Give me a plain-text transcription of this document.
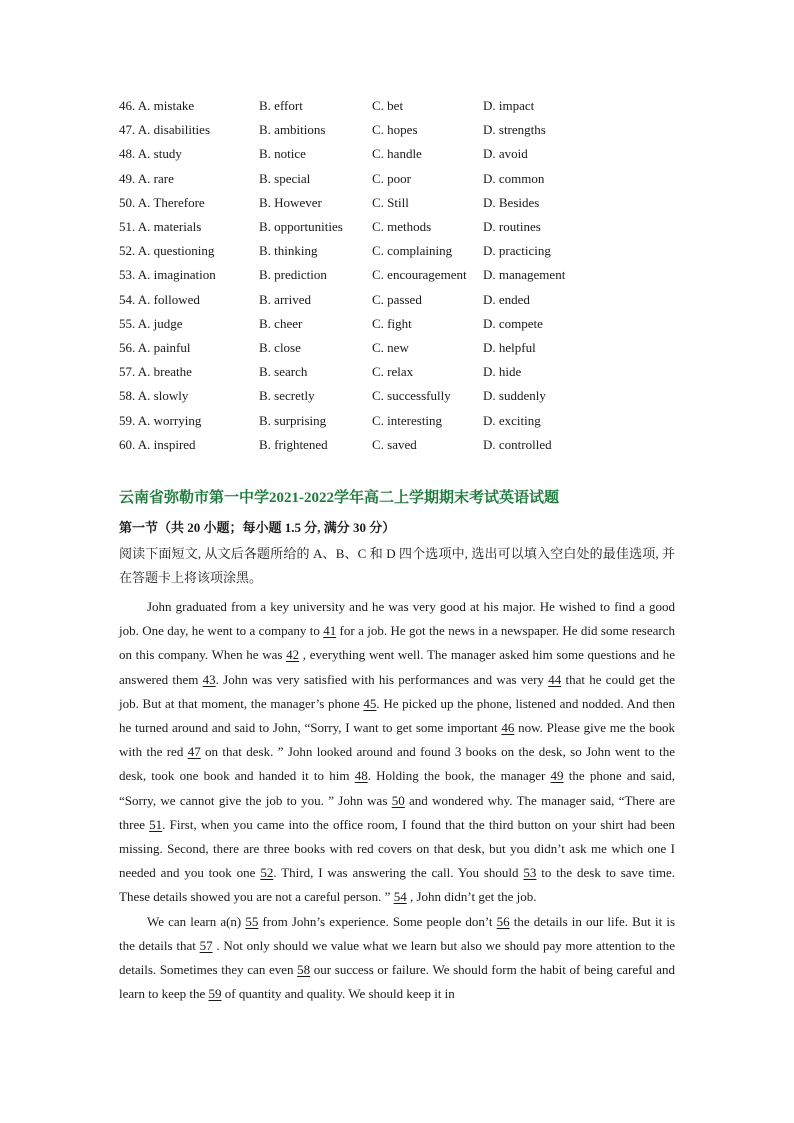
46. A. mistake	B. effort	C. bet	D. impact
47. A. disabilities	B. ambitions	C. hopes	D. strengths
48. A. study	B. notice	C. handle	D. avoid
49. A. rare	B. special	C. poor	D. common
50. A. Therefore	B. However	C. Still	D. Besides
51. A. materials	B. opportunities	C. methods	D. routines
52. A. questioning	B. thinking	C. complaining	D. practicing
53. A. imagination	B. prediction	C. encouragement	D. management
54. A. followed	B. arrived	C. passed	D. ended
55. A. judge	B. cheer	C. fight	D. compete
56. A. painful	B. close	C. new	D. helpful
57. A. breathe	B. search	C. relax	D. hide
58. A. slowly	B. secretly	C. successfully	D. suddenly
59. A. worrying	B. surprising	C. interesting	D. exciting
60. A. inspired	B. frightened	C. saved	D. controlled
云南省弥勒市第一中学2021-2022学年高二上学期期末考试英语试题
第一节（共 20 小题；每小题 1.5 分, 满分 30 分）
阅读下面短文, 从文后各题所给的 A、B、C 和 D 四个选项中, 选出可以填入空白处的最佳选项, 并在答题卡上将该项涂黑。

John graduated from a key university and he was very good at his major. He wished to find a good job. One day, he went to a company to 41 for a job. He got the news in a newspaper. He did some research on this company. When he was 42 , everything went well. The manager asked him some questions and he answered them 43. John was very satisfied with his performances and was very 44 that he could get the job. But at that moment, the manager’s phone 45. He picked up the phone, listened and nodded. And then he turned around and said to John, “Sorry, I want to get some important 46 now. Please give me the book with the red 47 on that desk. ” John looked around and found 3 books on the desk, so John went to the desk, took one book and handed it to him 48. Holding the book, the manager 49 the phone and said, “Sorry, we cannot give the job to you. ” John was 50 and wondered why. The manager said, “There are three 51. First, when you came into the office room, I found that the third button on your shirt had been missing. Second, there are three books with red covers on that desk, but you didn’t ask me which one I needed and you took one 52. Third, I was answering the call. You should 53 to the desk to save time. These details showed you are not a careful person. ” 54 , John didn’t get the job.

We can learn a(n) 55 from John’s experience. Some people don’t 56 the details in our life. But it is the details that 57 . Not only should we value what we learn but also we should pay more attention to the details. Sometimes they can even 58 our success or failure. We should form the habit of being careful and learn to keep the 59 of quantity and quality. We should keep it in
